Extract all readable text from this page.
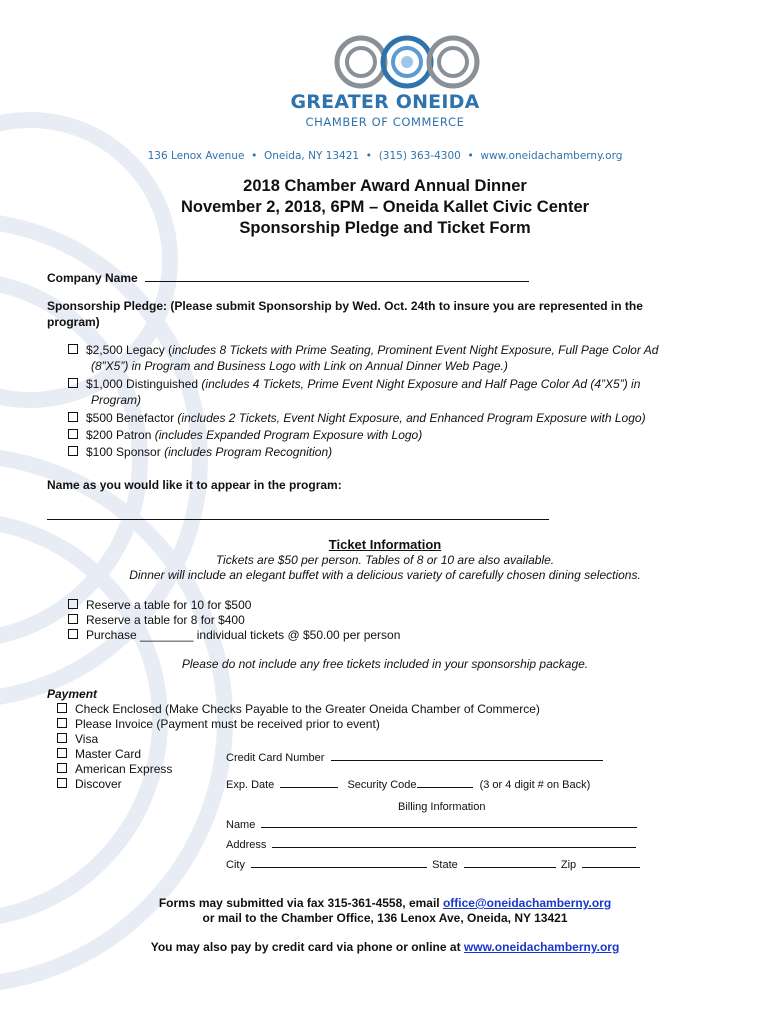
GREATER ONEIDA
CHAMBER OF COMMERCE
136 Lenox Avenue • Oneida, NY 13421 • (315) 363-4300 • www.oneidachamberny.org
2018 Chamber Award Annual Dinner
November 2, 2018, 6PM – Oneida Kallet Civic Center
Sponsorship Pledge and Ticket Form
Company Name
Sponsorship Pledge: (Please submit Sponsorship by Wed. Oct. 24th to insure you are represented in the
program)
$2,500 Legacy (includes 8 Tickets with Prime Seating, Prominent Event Night Exposure, Full Page Color Ad
(8”X5”) in Program and Business Logo with Link on Annual Dinner Web Page.)
$1,000 Distinguished (includes 4 Tickets, Prime Event Night Exposure and Half Page Color Ad (4”X5”) in
Program)
$500 Benefactor (includes 2 Tickets, Event Night Exposure, and Enhanced Program Exposure with Logo)
$200 Patron (includes Expanded Program Exposure with Logo)
$100 Sponsor (includes Program Recognition)
Name as you would like it to appear in the program:
Ticket Information
Tickets are $50 per person. Tables of 8 or 10 are also available.
Dinner will include an elegant buffet with a delicious variety of carefully chosen dining selections.
Reserve a table for 10 for $500
Reserve a table for 8 for $400
Purchase ________ individual tickets @ $50.00 per person
Please do not include any free tickets included in your sponsorship package.
Payment
Check Enclosed (Make Checks Payable to the Greater Oneida Chamber of Commerce)
Please Invoice (Payment must be received prior to event)
Visa
Master Card
American Express
Discover
Credit Card Number
Exp. Date	Security Code	(3 or 4 digit # on Back)
Billing Information
Name
Address
City	State	Zip
Forms may submitted via fax 315-361-4558, email office@oneidachamberny.org
or mail to the Chamber Office, 136 Lenox Ave, Oneida, NY 13421
You may also pay by credit card via phone or online at www.oneidachamberny.org
